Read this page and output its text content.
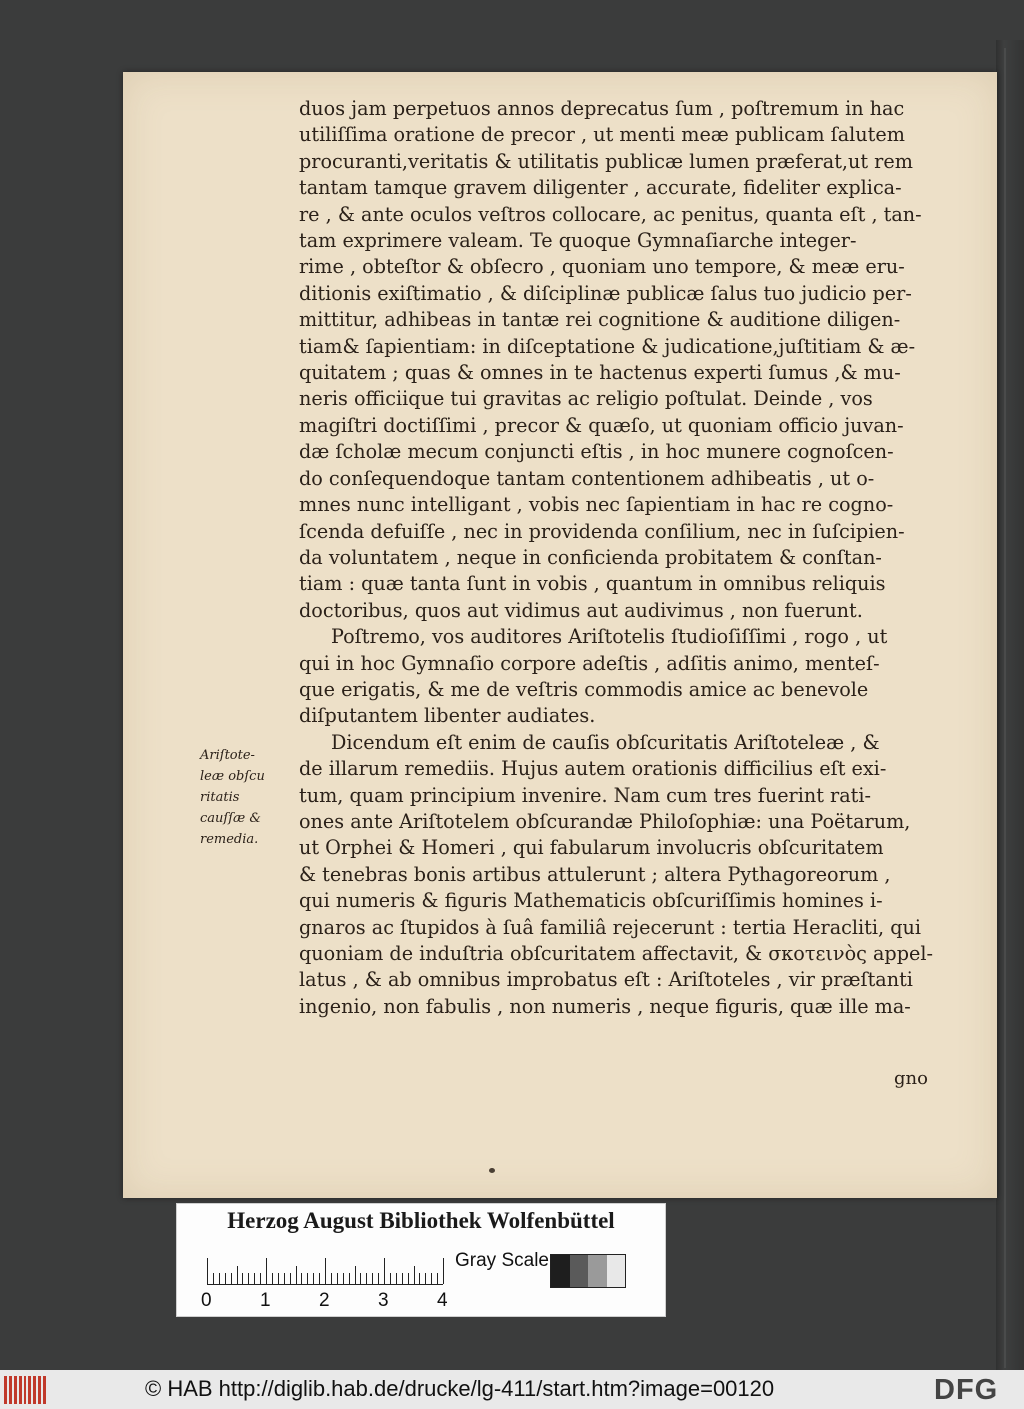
duos jam perpetuos annos deprecatus ſum , poſtremum in hac
utiliſſima oratione de precor , ut menti meæ publicam ſalutem
procuranti,veritatis & utilitatis publicæ lumen præferat,ut rem
tantam tamque gravem diligenter , accurate, fideliter explica-
re , & ante oculos veſtros collocare, ac penitus, quanta eſt , tan-
tam exprimere valeam. Te quoque Gymnaſiarche integer-
rime , obteſtor & obſecro , quoniam uno tempore, & meæ eru-
ditionis exiſtimatio , & diſciplinæ publicæ ſalus tuo judicio per-
mittitur, adhibeas in tantæ rei cognitione & auditione diligen-
tiam& ſapientiam: in diſceptatione & judicatione,juſtitiam & æ-
quitatem ; quas & omnes in te hactenus experti ſumus ,& mu-
neris officiique tui gravitas ac religio poſtulat. Deinde , vos
magiſtri doctiſſimi , precor & quæſo, ut quoniam officio juvan-
dæ ſcholæ mecum conjuncti eſtis , in hoc munere cognoſcen-
do conſequendoque tantam contentionem adhibeatis , ut o-
mnes nunc intelligant , vobis nec ſapientiam in hac re cogno-
ſcenda defuiſſe , nec in providenda conſilium, nec in ſuſcipien-
da voluntatem , neque in conficienda probitatem & conſtan-
tiam : quæ tanta ſunt in vobis , quantum in omnibus reliquis
doctoribus, quos aut vidimus aut audivimus , non fuerunt.
Poſtremo, vos auditores Ariſtotelis ſtudioſiſſimi , rogo , ut
qui in hoc Gymnaſio corpore adeſtis , adſitis animo, menteſ-
que erigatis, & me de veſtris commodis amice ac benevole
diſputantem libenter audiates.
Dicendum eſt enim de cauſis obſcuritatis Ariſtoteleæ , &
de illarum remediis. Hujus autem orationis difficilius eſt exi-
tum, quam principium invenire. Nam cum tres fuerint rati-
ones ante Ariſtotelem obſcurandæ Philoſophiæ: una Poëtarum,
ut Orphei & Homeri , qui fabularum involucris obſcuritatem
& tenebras bonis artibus attulerunt ; altera Pythagoreorum ,
qui numeris & figuris Mathematicis obſcuriſſimis homines i-
gnaros ac ſtupidos à ſuâ familiâ rejecerunt : tertia Heracliti, qui
quoniam de induſtria obſcuritatem affectavit, & σκοτεινὸς appel-
latus , & ab omnibus improbatus eſt : Ariſtoteles , vir præſtanti
ingenio, non fabulis , non numeris , neque figuris, quæ ille ma-
Ariſtote-
leæ obſcu
ritatis
cauſſæ &
remedia.
gno
Herzog August Bibliothek Wolfenbüttel
Gray Scale
0	1	2	3	4
© HAB http://diglib.hab.de/drucke/lg-411/start.htm?image=00120	DFG
